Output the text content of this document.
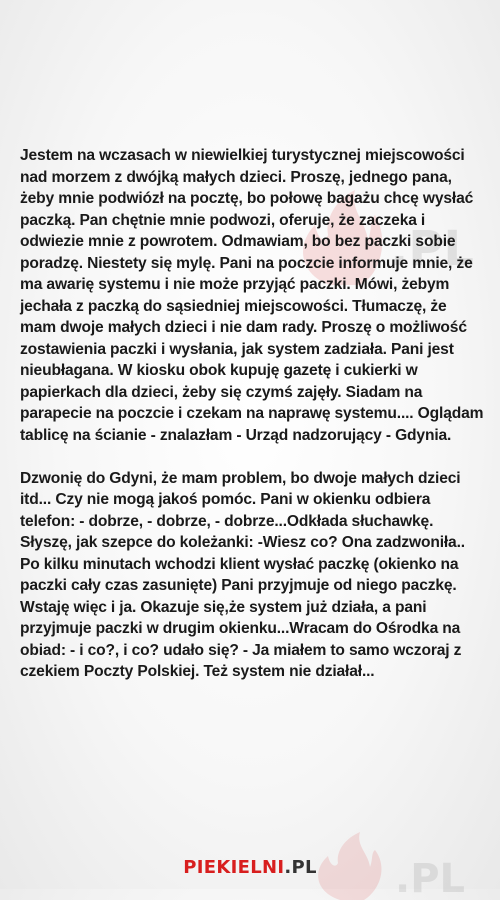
.PL
.PL

Jestem na wczasach w niewielkiej turystycznej miejscowości nad morzem z dwójką małych dzieci. Proszę, jednego pana, żeby mnie podwiózł na pocztę, bo połowę bagażu chcę wysłać paczką. Pan chętnie mnie podwozi, oferuje, że zaczeka i odwiezie mnie z powrotem. Odmawiam, bo bez paczki sobie poradzę. Niestety się mylę. Pani na poczcie informuje mnie, że ma awarię systemu i nie może przyjąć paczki. Mówi, żebym jechała z paczką do sąsiedniej miejscowości. Tłumaczę, że mam dwoje małych dzieci i nie dam rady. Proszę o możliwość zostawienia paczki i wysłania, jak system zadziała. Pani jest nieubłagana. W kiosku obok kupuję gazetę i cukierki w papierkach dla dzieci, żeby się czymś zajęły. Siadam na parapecie na poczcie i czekam na naprawę systemu.... Oglądam tablicę na ścianie - znalazłam - Urząd nadzorujący - Gdynia.

Dzwonię do Gdyni, że mam problem, bo dwoje małych dzieci itd... Czy nie mogą jakoś pomóc. Pani w okienku odbiera telefon: - dobrze, - dobrze, - dobrze...Odkłada słuchawkę. Słyszę, jak szepce do koleżanki: -Wiesz co? Ona zadzwoniła.. Po kilku minutach wchodzi klient wysłać paczkę (okienko na paczki cały czas zasunięte) Pani przyjmuje od niego paczkę. Wstaję więc i ja. Okazuje się,że system już działa, a pani przyjmuje paczki w drugim okienku...Wracam do Ośrodka na obiad: - i co?, i co? udało się? - Ja miałem to samo wczoraj z czekiem Poczty Polskiej. Też system nie działał...

PIEKIELNI.PL
